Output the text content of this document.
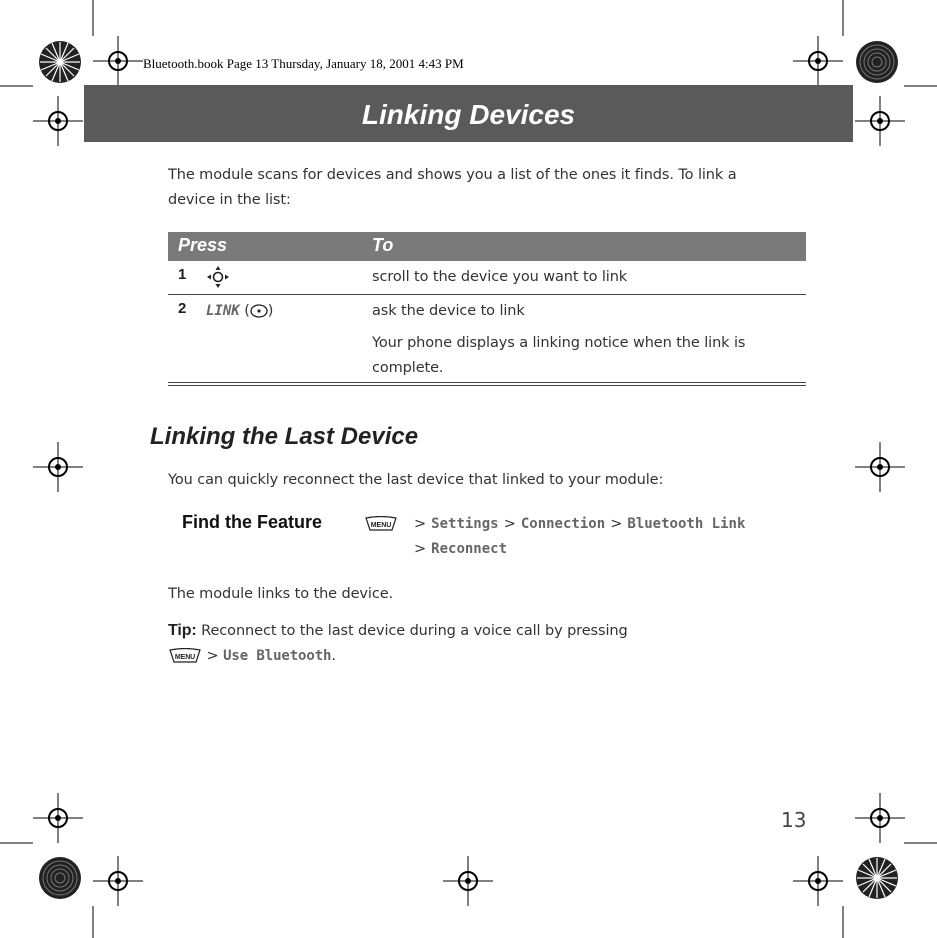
Bluetooth.book Page 13 Thursday, January 18, 2001 4:43 PM
Linking Devices
The module scans for devices and shows you a list of the ones it finds. To link a
device in the list:
Press	To
1	scroll to the device you want to link
2 LINK ( )	ask the device to link
Your phone displays a linking notice when the link is
complete.
Linking the Last Device
You can quickly reconnect the last device that linked to your module:
Find the Feature	MENU > Settings > Connection > Bluetooth Link
> Reconnect
The module links to the device.
Tip: Reconnect to the last device during a voice call by pressing
MENU > Use Bluetooth.
13
